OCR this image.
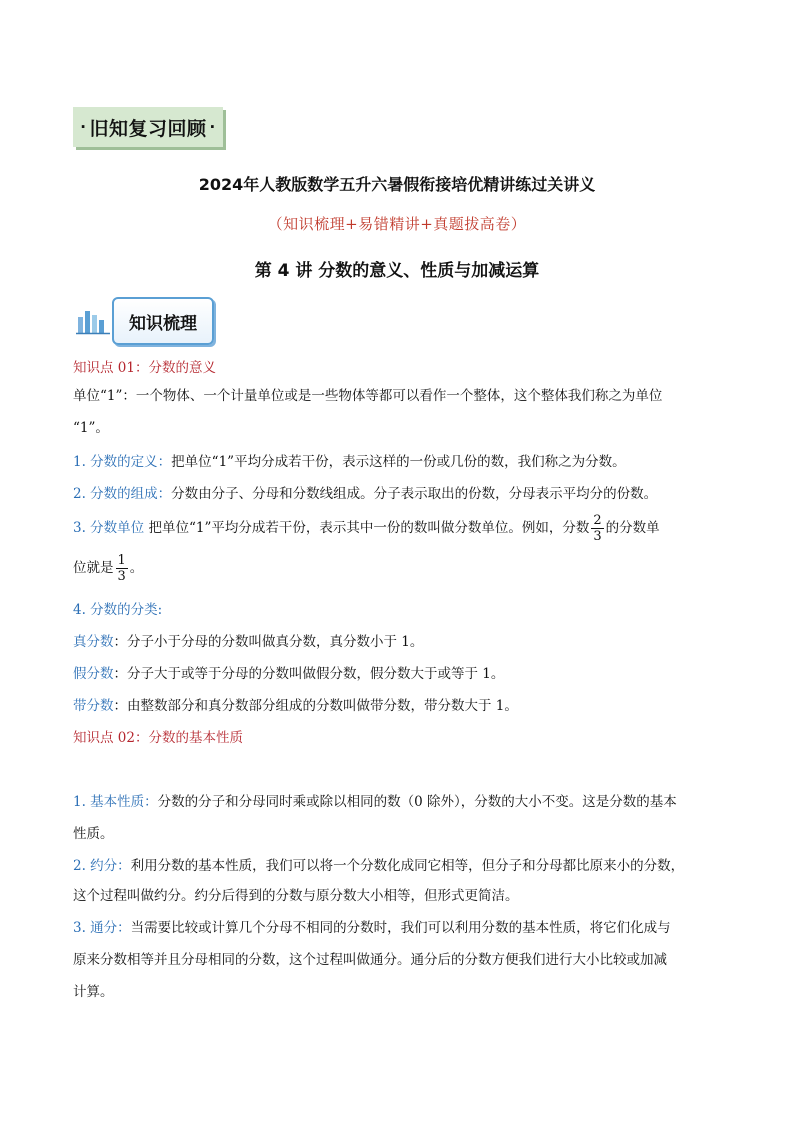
· 旧知复习回顾 ·
2024年人教版数学五升六暑假衔接培优精讲练过关讲义
（知识梳理+易错精讲+真题拔高卷）
第 4 讲 分数的意义、性质与加减运算
知识梳理
知识点 01：分数的意义
单位“1”：一个物体、一个计量单位或是一些物体等都可以看作一个整体，这个整体我们称之为单位
“1”。
1. 分数的定义：把单位“1”平均分成若干份，表示这样的一份或几份的数，我们称之为分数。
2. 分数的组成：分数由分子、分母和分数线组成。分子表示取出的份数，分母表示平均分的份数。
3. 分数单位 把单位“1”平均分成若干份，表示其中一份的数叫做分数单位。例如，分数 $\frac{2}{3}$ 的分数单
位就是 $\frac{1}{3}$ 。
4. 分数的分类:
真分数：分子小于分母的分数叫做真分数，真分数小于 1。
假分数：分子大于或等于分母的分数叫做假分数，假分数大于或等于 1。
带分数：由整数部分和真分数部分组成的分数叫做带分数，带分数大于 1。
知识点 02：分数的基本性质
1. 基本性质：分数的分子和分母同时乘或除以相同的数（0 除外），分数的大小不变。这是分数的基本
性质。
2. 约分：利用分数的基本性质，我们可以将一个分数化成同它相等，但分子和分母都比原来小的分数，
这个过程叫做约分。约分后得到的分数与原分数大小相等，但形式更简洁。
3. 通分：当需要比较或计算几个分母不相同的分数时，我们可以利用分数的基本性质，将它们化成与
原来分数相等并且分母相同的分数，这个过程叫做通分。通分后的分数方便我们进行大小比较或加减
计算。
